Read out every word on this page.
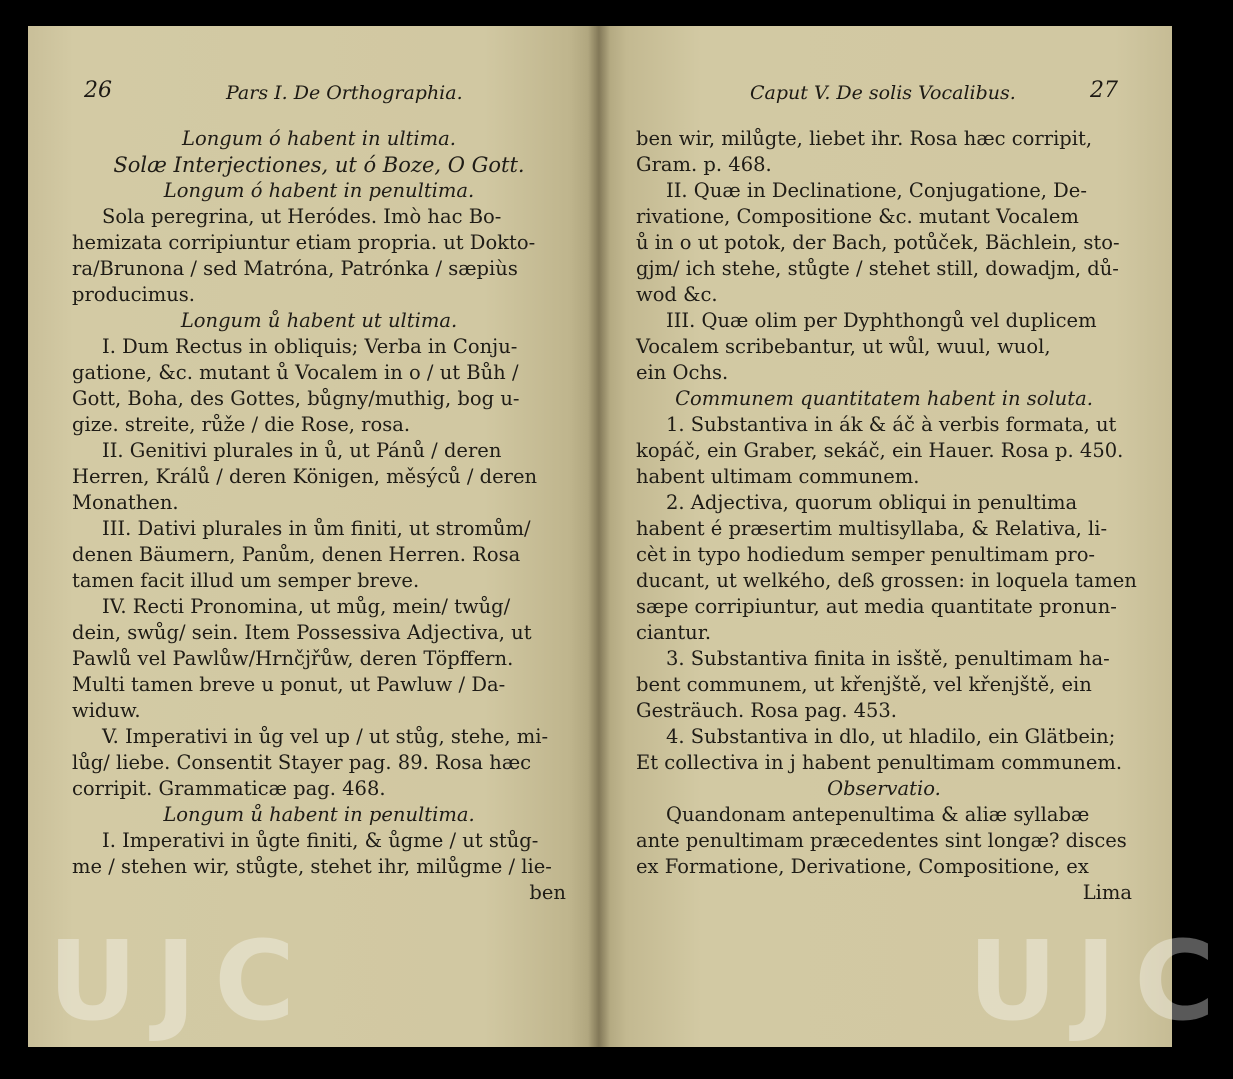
26	Pars I. De Orthographia.
Longum ó habent in ultima.
Solæ Interjectiones, ut ó Boze, O Gott.
Longum ó habent in penultima.
Sola peregrina, ut Heródes. Imò hac Bo-
hemizata corripiuntur etiam propria. ut Dokto-
ra/Brunona / sed Matróna, Patrónka / sæpiùs
producimus.
Longum ů habent ut ultima.
I. Dum Rectus in obliquis; Verba in Conju-
gatione, &c. mutant ů Vocalem in o / ut Bůh /
Gott, Boha, des Gottes, bůgny/muthig, bog u-
gize. streite, růže / die Rose, rosa.
II. Genitivi plurales in ů, ut Pánů / deren
Herren, Králů / deren Königen, měsýců / deren
Monathen.
III. Dativi plurales in ům finiti, ut stromům/
denen Bäumern, Panům, denen Herren. Rosa
tamen facit illud um semper breve.
IV. Recti Pronomina, ut můg, mein/ twůg/
dein, swůg/ sein. Item Possessiva Adjectiva, ut
Pawlů vel Pawlůw/Hrnčjřůw, deren Töpffern.
Multi tamen breve u ponut, ut Pawluw / Da-
widuw.
V. Imperativi in ůg vel up / ut stůg, stehe, mi-
lůg/ liebe. Consentit Stayer pag. 89. Rosa hæc
corripit. Grammaticæ pag. 468.
Longum ů habent in penultima.
I. Imperativi in ůgte finiti, & ůgme / ut stůg-
me / stehen wir, stůgte, stehet ihr, milůgme / lie-
ben
UJC
Caput V. De solis Vocalibus.	27
ben wir, milůgte, liebet ihr. Rosa hæc corripit,
Gram. p. 468.
II. Quæ in Declinatione, Conjugatione, De-
rivatione, Compositione &c. mutant Vocalem
ů in o ut potok, der Bach, potůček, Bächlein, sto-
gjm/ ich stehe, stůgte / stehet still, dowadjm, dů-
wod &c.
III. Quæ olim per Dyphthongů vel duplicem
Vocalem scribebantur, ut wůl, wuul, wuol,
ein Ochs.
Communem quantitatem habent in soluta.
1. Substantiva in ák & áč à verbis formata, ut
kopáč, ein Graber, sekáč, ein Hauer. Rosa p. 450.
habent ultimam communem.
2. Adjectiva, quorum obliqui in penultima
habent é præsertim multisyllaba, & Relativa, li-
cèt in typo hodiedum semper penultimam pro-
ducant, ut welkého, deß grossen: in loquela tamen
sæpe corripiuntur, aut media quantitate pronun-
ciantur.
3. Substantiva finita in isště, penultimam ha-
bent communem, ut křenjště, vel křenjště, ein
Gesträuch. Rosa pag. 453.
4. Substantiva in dlo, ut hladilo, ein Glätbein;
Et collectiva in j habent penultimam communem.
Observatio.
Quandonam antepenultima & aliæ syllabæ
ante penultimam præcedentes sint longæ? disces
ex Formatione, Derivatione, Compositione, ex
Lima
UJC
